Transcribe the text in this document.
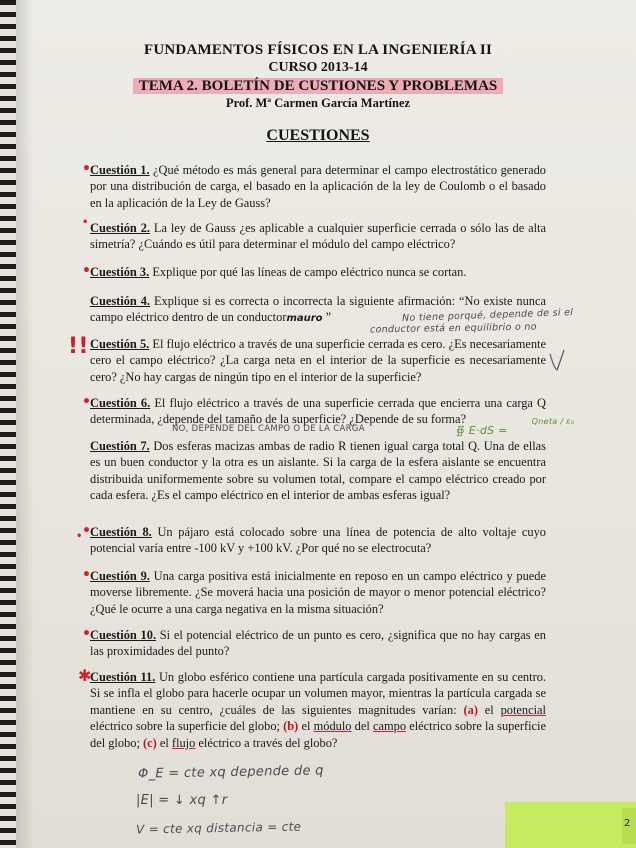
FUNDAMENTOS FÍSICOS EN LA INGENIERÍA II
CURSO 2013-14
TEMA 2. BOLETÍN DE CUSTIONES Y PROBLEMAS
Prof. Mª Carmen García Martínez
CUESTIONES
• Cuestión 1. ¿Qué método es más general para determinar el campo electrostático generado por una distribución de carga, el basado en la aplicación de la ley de Coulomb o el basado en la aplicación de la Ley de Gauss?
• Cuestión 2. La ley de Gauss ¿es aplicable a cualquier superficie cerrada o sólo las de alta simetría? ¿Cuándo es útil para determinar el módulo del campo eléctrico?
• Cuestión 3. Explique por qué las líneas de campo eléctrico nunca se cortan.
Cuestión 4. Explique si es correcta o incorrecta la siguiente afirmación: “No existe nunca campo eléctrico dentro de un conductormauro ”	No tiene porqué, depende de si el
conductor está en equilibrio o no
!! Cuestión 5. El flujo eléctrico a través de una superficie cerrada es cero. ¿Es necesariamente cero el campo eléctrico? ¿La carga neta en el interior de la superficie es necesariamente cero? ¿No hay cargas de ningún tipo en el interior de la superficie?
• Cuestión 6. El flujo eléctrico a través de una superficie cerrada que encierra una carga Q determinada, ¿depende del tamaño de la superficie? ¿Depende de su forma?
NO, DEPENDE DEL CAMPO O DE LA CARGA	∯ E·dS =
Qneta / ε₀
Cuestión 7. Dos esferas macizas ambas de radio R tienen igual carga total Q. Una de ellas es un buen conductor y la otra es un aislante. Si la carga de la esfera aislante se encuentra distribuida uniformemente sobre su volumen total, compare el campo eléctrico creado por cada esfera. ¿Es el campo eléctrico en el interior de ambas esferas igual?
•
• Cuestión 8. Un pájaro está colocado sobre una línea de potencia de alto voltaje cuyo potencial varía entre -100 kV y +100 kV. ¿Por qué no se electrocuta?
• Cuestión 9. Una carga positiva está inicialmente en reposo en un campo eléctrico y puede moverse libremente. ¿Se moverá hacia una posición de mayor o menor potencial eléctrico? ¿Qué le ocurre a una carga negativa en la misma situación?
• Cuestión 10. Si el potencial eléctrico de un punto es cero, ¿significa que no hay cargas en las proximidades del punto?
✱
Cuestión 11. Un globo esférico contiene una partícula cargada positivamente en su centro. Si se infla el globo para hacerle ocupar un volumen mayor, mientras la partícula cargada se mantiene en su centro, ¿cuáles de las siguientes magnitudes varían: (a) el potencial eléctrico sobre la superficie del globo; (b) el módulo del campo eléctrico sobre la superficie del globo; (c) el flujo eléctrico a través del globo?
Φ_E = cte xq depende de q
|E| = ↓ xq ↑r
V = cte xq distancia = cte	2
